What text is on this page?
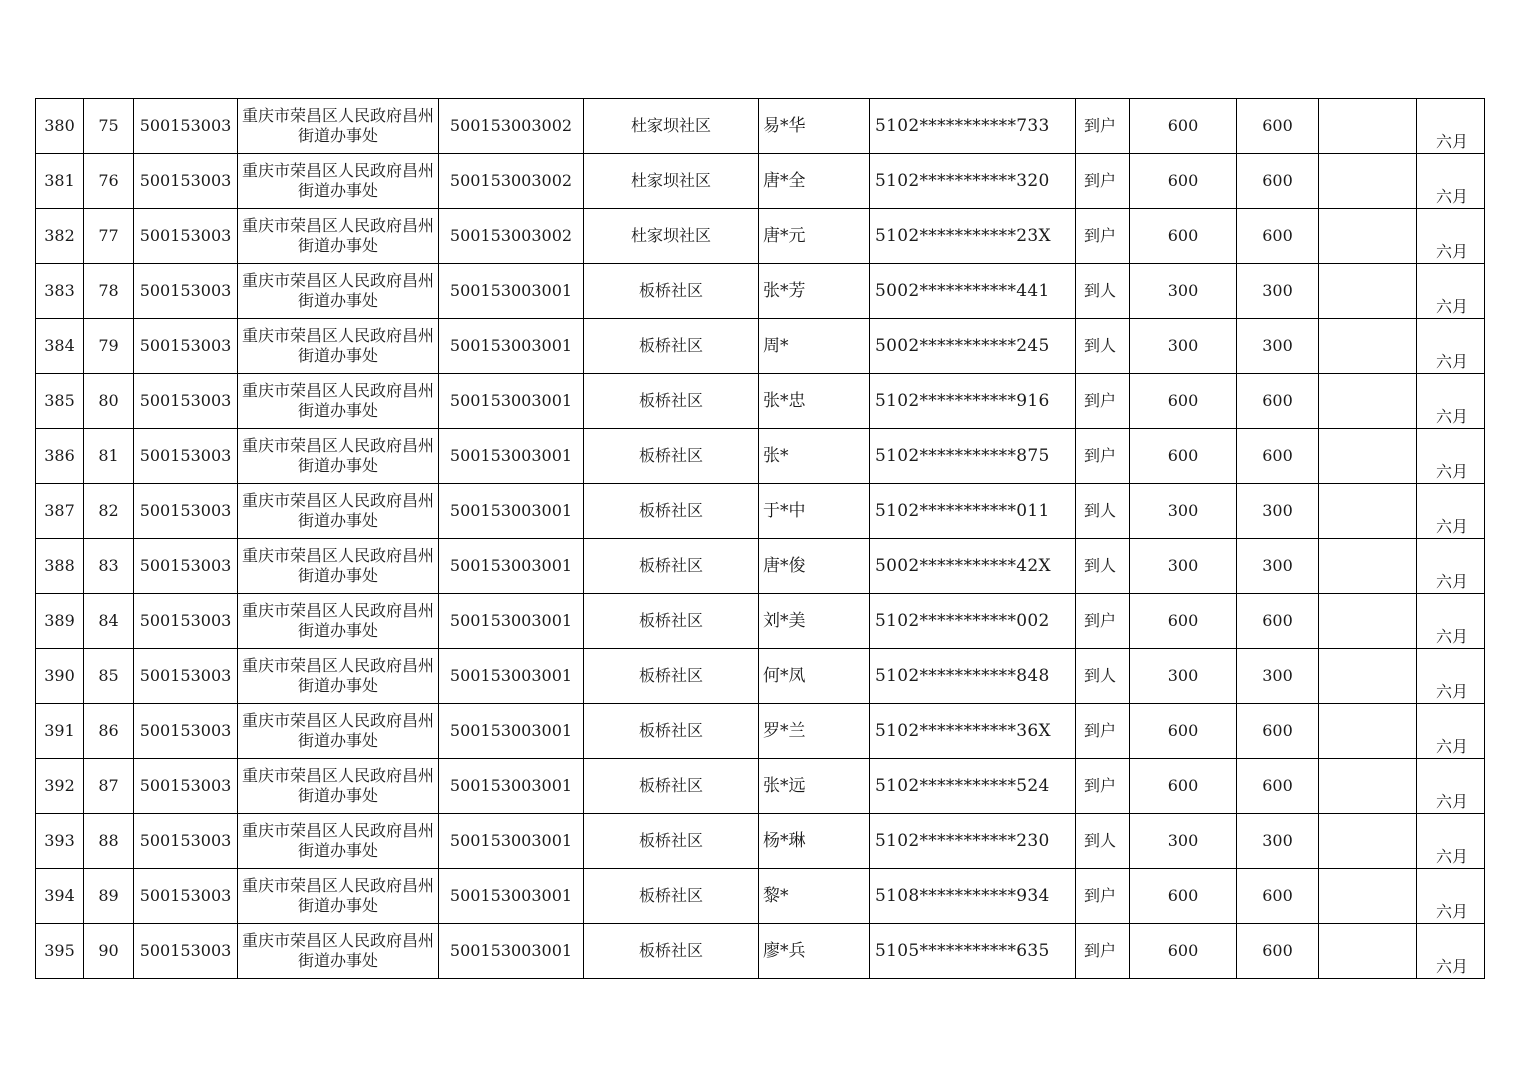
380	75	500153003	重庆市荣昌区人民政府昌州街道办事处	500153003002	杜家坝社区	易*华	5102***********733	到户	600	600		六月
381	76	500153003	重庆市荣昌区人民政府昌州街道办事处	500153003002	杜家坝社区	唐*全	5102***********320	到户	600	600		六月
382	77	500153003	重庆市荣昌区人民政府昌州街道办事处	500153003002	杜家坝社区	唐*元	5102***********23X	到户	600	600		六月
383	78	500153003	重庆市荣昌区人民政府昌州街道办事处	500153003001	板桥社区	张*芳	5002***********441	到人	300	300		六月
384	79	500153003	重庆市荣昌区人民政府昌州街道办事处	500153003001	板桥社区	周*	5002***********245	到人	300	300		六月
385	80	500153003	重庆市荣昌区人民政府昌州街道办事处	500153003001	板桥社区	张*忠	5102***********916	到户	600	600		六月
386	81	500153003	重庆市荣昌区人民政府昌州街道办事处	500153003001	板桥社区	张*	5102***********875	到户	600	600		六月
387	82	500153003	重庆市荣昌区人民政府昌州街道办事处	500153003001	板桥社区	于*中	5102***********011	到人	300	300		六月
388	83	500153003	重庆市荣昌区人民政府昌州街道办事处	500153003001	板桥社区	唐*俊	5002***********42X	到人	300	300		六月
389	84	500153003	重庆市荣昌区人民政府昌州街道办事处	500153003001	板桥社区	刘*美	5102***********002	到户	600	600		六月
390	85	500153003	重庆市荣昌区人民政府昌州街道办事处	500153003001	板桥社区	何*凤	5102***********848	到人	300	300		六月
391	86	500153003	重庆市荣昌区人民政府昌州街道办事处	500153003001	板桥社区	罗*兰	5102***********36X	到户	600	600		六月
392	87	500153003	重庆市荣昌区人民政府昌州街道办事处	500153003001	板桥社区	张*远	5102***********524	到户	600	600		六月
393	88	500153003	重庆市荣昌区人民政府昌州街道办事处	500153003001	板桥社区	杨*琳	5102***********230	到人	300	300		六月
394	89	500153003	重庆市荣昌区人民政府昌州街道办事处	500153003001	板桥社区	黎*	5108***********934	到户	600	600		六月
395	90	500153003	重庆市荣昌区人民政府昌州街道办事处	500153003001	板桥社区	廖*兵	5105***********635	到户	600	600		六月
